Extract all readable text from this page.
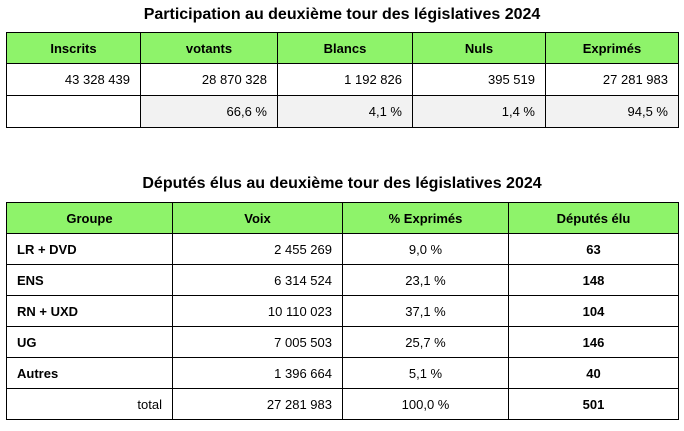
Participation au deuxième tour des législatives 2024
Inscrits	votants	Blancs	Nuls	Exprimés
43 328 439	28 870 328	1 192 826	395 519	27 281 983
	66,6 %	4,1 %	1,4 %	94,5 %
Députés élus au deuxième tour des législatives 2024
Groupe	Voix	% Exprimés	Députés élu
LR + DVD	2 455 269	9,0 %	63
ENS	6 314 524	23,1 %	148
RN + UXD	10 110 023	37,1 %	104
UG	7 005 503	25,7 %	146
Autres	1 396 664	5,1 %	40
total	27 281 983	100,0 %	501
